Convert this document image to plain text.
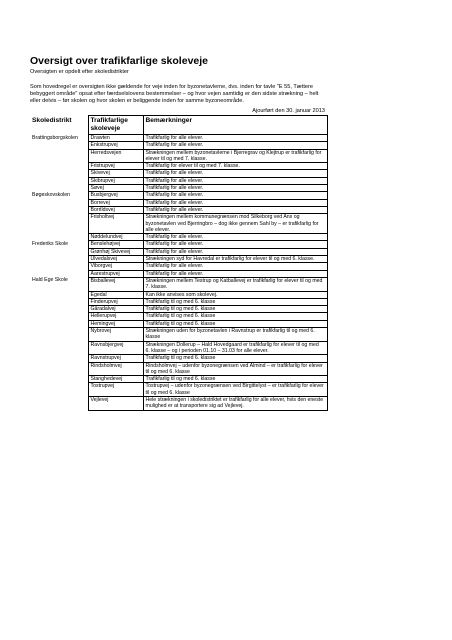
Oversigt over trafikfarlige skoleveje
Oversigten er opdelt efter skoledistrikter
Som hovedregel er oversigten ikke gældende for veje inden for byzonetavlerne, dvs. inden for tavle "E 55, Tættere bebyggert område" opsat efter færdselslovens bestemmelser – og hvor vejen samtidig er den sidste strækning – helt eller delvis – før skolen og hvor skolen er beliggende inden for samme byzoneområde.
Ajourført den 30. januar 2013
Skoledistrikt	Trafikfarlige skoleveje	Bemærkninger
Brattingsborgskolen	Drawten	Trafikfarlig for alle elever.
	Enkstrupvej	Trafikfarlig for alle elever.
	Herredsvejen	Strækningen mellem byzonetavlerne i Bjerregrav og Klejtrup er trafikfarlig for elever til og med 7. klasse.
	Fristrupvej	Trafikfarlig for elever til og med 7. klasse.
	Skivevej	Trafikfarlig for alle elever.
	Skibrupvej	Trafikfarlig for alle elever.
	Søvej	Trafikfarlig for alle elever.
Bøgeskovskolen	Busbjergvej	Trafikfarlig for alle elever.
	Borrevej	Trafikfarlig for alle elever.
	Borrildsvej	Trafikfarlig for alle elever.
	Frisholtvej	Strækningen mellem kommunegrænsen mod Silkeborg ved Ans og byzonetavlen ved Bjerringbro – dog ikke gennem Sahl by – er trafikfarlig for alle elever.
	Nøddelundvej	Trafikfarlig for alle elever.
Frederiks Skole	Benslehøjvej	Trafikfarlig for alle elever.
	Grønhøj Skivevej	Trafikfarlig for alle elever.
	Ulvedalsvej	Strækningen syd for Havredal er trafikfarlig for elever til og med 6. klasse.
	Viborgvej	Trafikfarlig for alle elever.
	Aarestrupvej	Trafikfarlig for alle elever.
Hald Ege Skole	Bisballevej	Strækningen mellem Testrup og Katballevej er trafikfarlig for elever til og med 7. klasse.
	Egedal	Kan ikke anvises som skolevej.
	Finderupvej	Trafikfarlig til og med 6. klasse
	Gåradalvej	Trafikfarlig til og med 6. klasse
	Hellerupvej	Trafikfarlig til og med 6. klasse
	Hemingvej	Trafikfarlig til og med 6. klasse
	Nybrovej	Strækningen uden for byzonetavlen i Ravnstrup er trafikfarlig til og med 6. klasse
	Ravnsbjergvej	Strækningen Dollerup – Hald Hovedgaard er trafikfarlig for elever til og med 6. klasse – og i perioden 01.10 – 31.03 for alle elever.
	Ravnstrupvej	Trafikfarlig til og med 6. klasse
	Rindsholmvej	Rindsholmvej – udenfor byzonegrænsen ved Almind – er trafikfarlig for elever til og med 6. klasse
	Stanghedevej	Trafikfarlig til og med 6. klasse
	Tostrupvej	Tostrupvej – udenfor byzonegrænsen ved Birgittelyst – er trafikfarlig for elever til og med 6. klasse
	Vejlevej	Hele strækningen i skoledistriktet er trafikfarlig for alle elever, hvis den eneste mulighed er at transportere sig ad Vejlevej.
